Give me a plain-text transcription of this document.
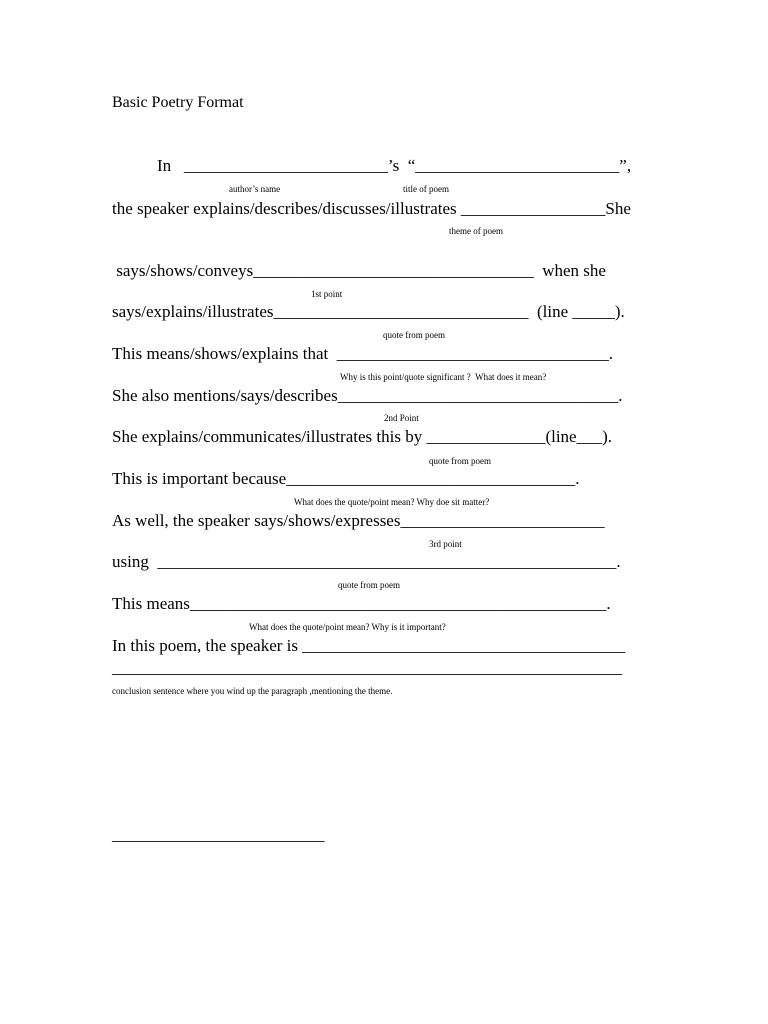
Basic Poetry Format
In   ________________________’s  “________________________”,
author’s name	title of poem
the speaker explains/describes/discusses/illustrates _________________She
theme of poem
says/shows/conveys_________________________________  when she
1st point
says/explains/illustrates______________________________  (line _____).
quote from poem
This means/shows/explains that  ________________________________.
Why is this point/quote significant ?  What does it mean?
She also mentions/says/describes_________________________________.
2nd Point
She explains/communicates/illustrates this by ______________(line___).
quote from poem
This is important because__________________________________.
What does the quote/point mean? Why doe sit matter?
As well, the speaker says/shows/expresses________________________
3rd point
using  ______________________________________________________.
quote from poem
This means_________________________________________________.
What does the quote/point mean? Why is it important?
In this poem, the speaker is ______________________________________
____________________________________________________________
conclusion sentence where you wind up the paragraph ,mentioning the theme.
_________________________
